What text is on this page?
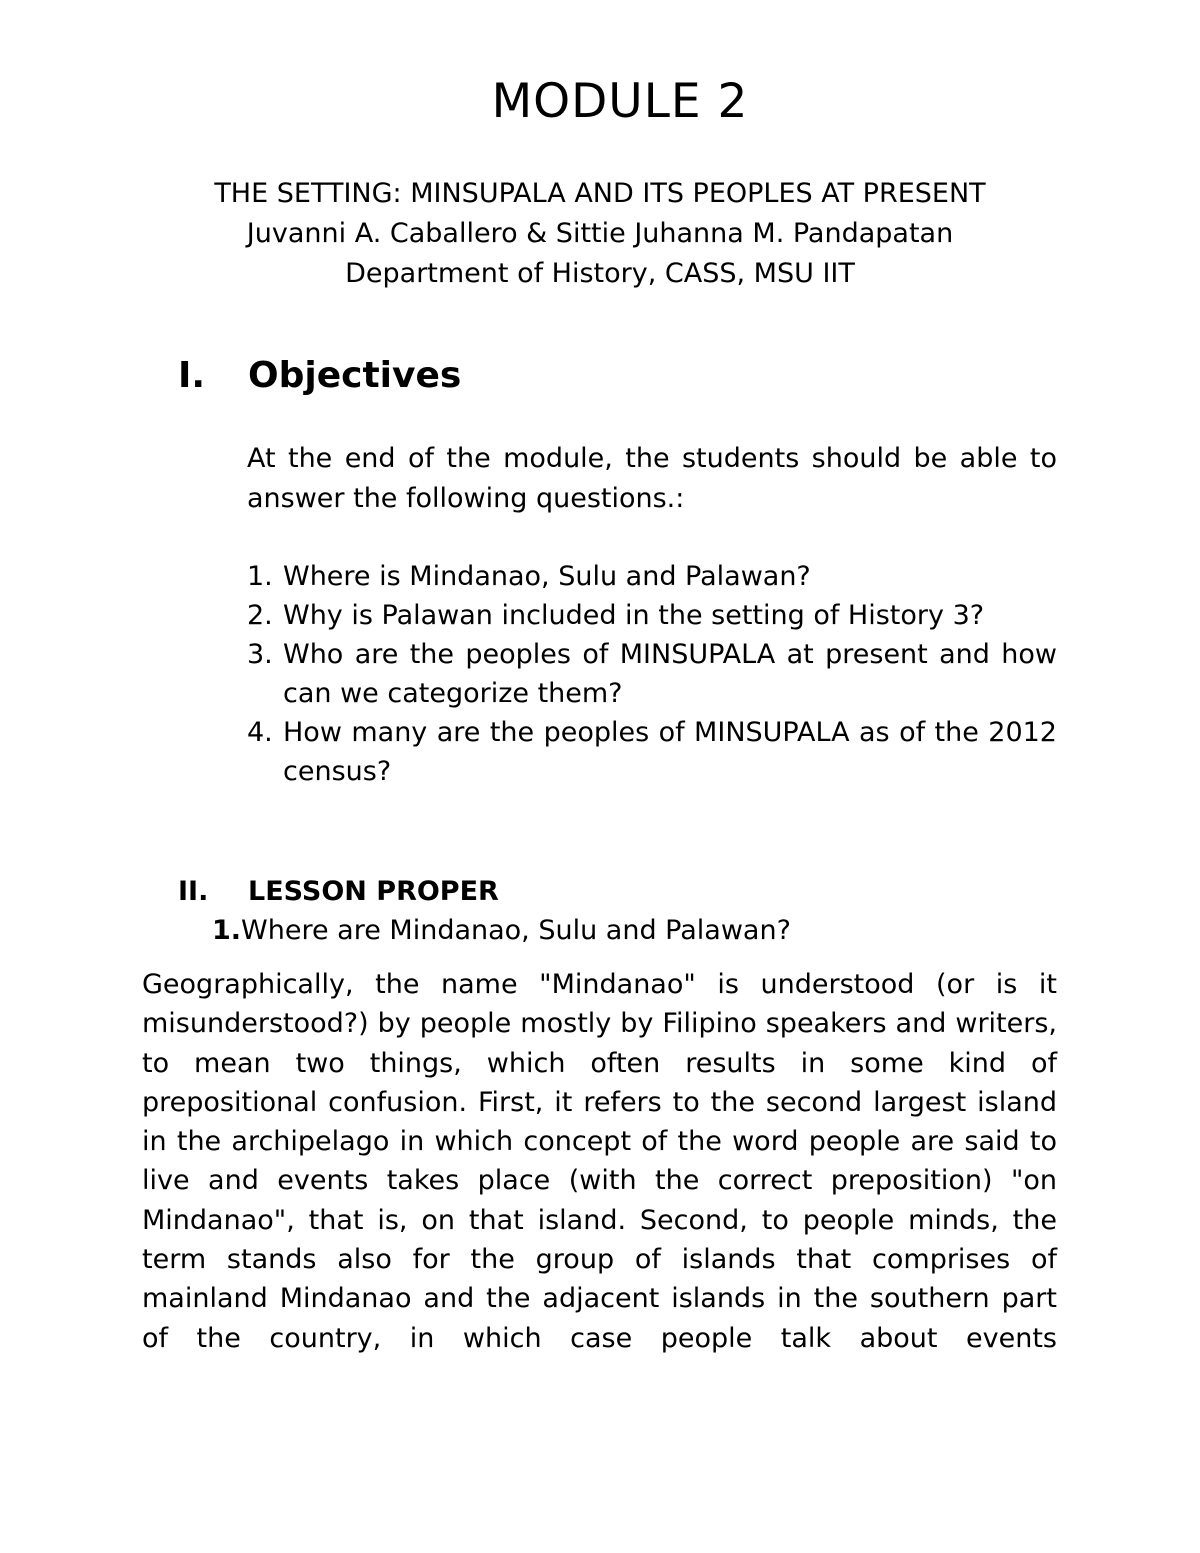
MODULE 2
THE SETTING: MINSUPALA AND ITS PEOPLES AT PRESENT
Juvanni A. Caballero & Sittie Juhanna M. Pandapatan
Department of History, CASS, MSU IIT
I. Objectives

At the end of the module, the students should be able to answer the following questions.:

1. Where is Mindanao, Sulu and Palawan?
2. Why is Palawan included in the setting of History 3?
3. Who are the peoples of MINSUPALA at present and how can we categorize them?
4. How many are the peoples of MINSUPALA as of the 2012 census?
II. LESSON PROPER
1.Where are Mindanao, Sulu and Palawan?

Geographically, the name "Mindanao" is understood (or is it misunderstood?) by people mostly by Filipino speakers and writers, to mean two things, which often results in some kind of prepositional confusion. First, it refers to the second largest island in the archipelago in which concept of the word people are said to live and events takes place (with the correct preposition) "on Mindanao", that is, on that island. Second, to people minds, the term stands also for the group of islands that comprises of mainland Mindanao and the adjacent islands in the southern part of the country, in which case people talk about events
